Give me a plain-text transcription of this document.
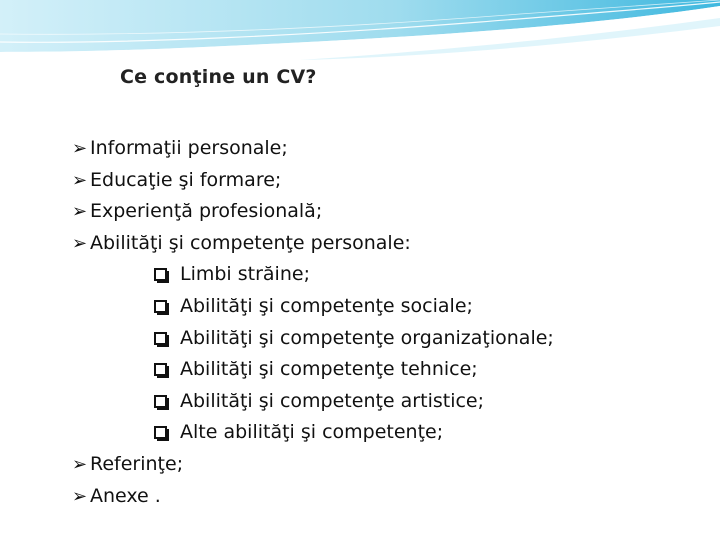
Ce conţine un CV?
➢ Informaţii personale;
➢ Educaţie şi formare;
➢ Experienţă profesională;
➢ Abilităţi şi competenţe personale:
Limbi străine;
Abilităţi şi competenţe sociale;
Abilităţi şi competenţe organizaţionale;
Abilităţi şi competenţe tehnice;
Abilităţi şi competenţe artistice;
Alte abilităţi şi competenţe;
➢ Referinţe;
➢ Anexe .
